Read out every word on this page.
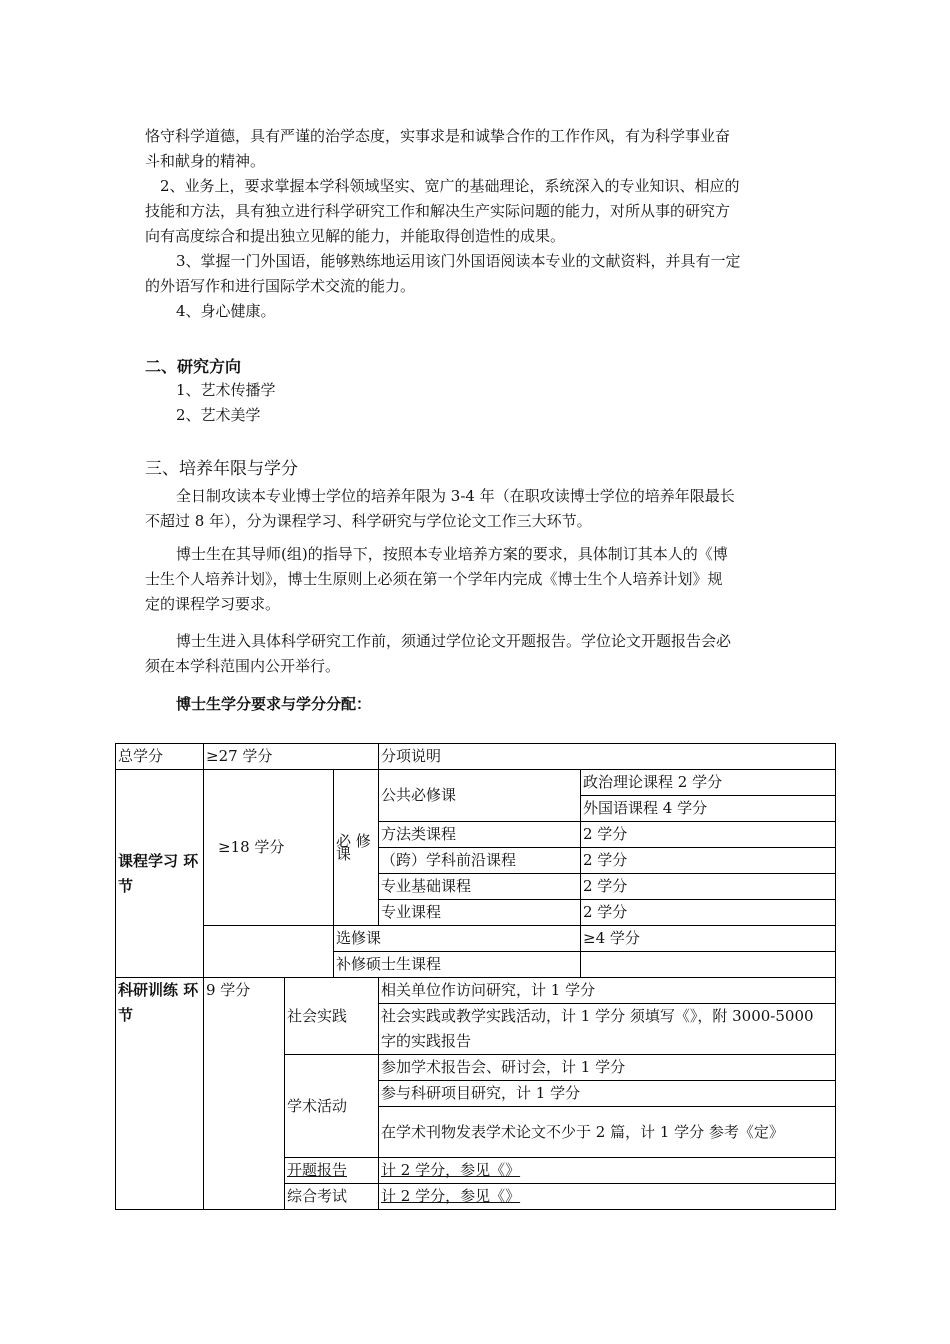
恪守科学道德，具有严谨的治学态度，实事求是和诚挚合作的工作作风，有为科学事业奋
斗和献身的精神。

2、业务上，要求掌握本学科领域坚实、宽广的基础理论，系统深入的专业知识、相应的
技能和方法，具有独立进行科学研究工作和解决生产实际问题的能力，对所从事的研究方
向有高度综合和提出独立见解的能力，并能取得创造性的成果。

3、掌握一门外国语，能够熟练地运用该门外国语阅读本专业的文献资料，并具有一定
的外语写作和进行国际学术交流的能力。

4、身心健康。

二、研究方向

1、艺术传播学

2、艺术美学

三、培养年限与学分

全日制攻读本专业博士学位的培养年限为 3-4 年（在职攻读博士学位的培养年限最长
不超过 8 年），分为课程学习、科学研究与学位论文工作三大环节。

博士生在其导师(组)的指导下，按照本专业培养方案的要求，具体制订其本人的《博
士生个人培养计划》，博士生原则上必须在第一个学年内完成《博士生个人培养计划》规
定的课程学习要求。

博士生进入具体科学研究工作前，须通过学位论文开题报告。学位论文开题报告会必
须在本学科范围内公开举行。

博士生学分要求与学分分配：

总学分	≥27 学分			分项说明	
课程学习 环节	≥18 学分		必 修 课	公共必修课	政治理论课程 2 学分
					外国语课程 4 学分
				方法类课程	2 学分
				（跨）学科前沿课程	2 学分
				专业基础课程	2 学分
				专业课程	2 学分
			选修课		≥4 学分
			补修硕士生课程		
科研训练 环节	9 学分	社会实践		相关单位作访问研究，计 1 学分	
				社会实践或教学实践活动，计 1 学分 须填写《》，附 3000-5000 字的实践报告	
		学术活动		参加学术报告会、研讨会，计 1 学分	
				参与科研项目研究，计 1 学分	
				在学术刊物发表学术论文不少于 2 篇，计 1 学分 参考《定》	
		开题报告		计 2 学分，参见《》	
		综合考试		计 2 学分，参见《》	
